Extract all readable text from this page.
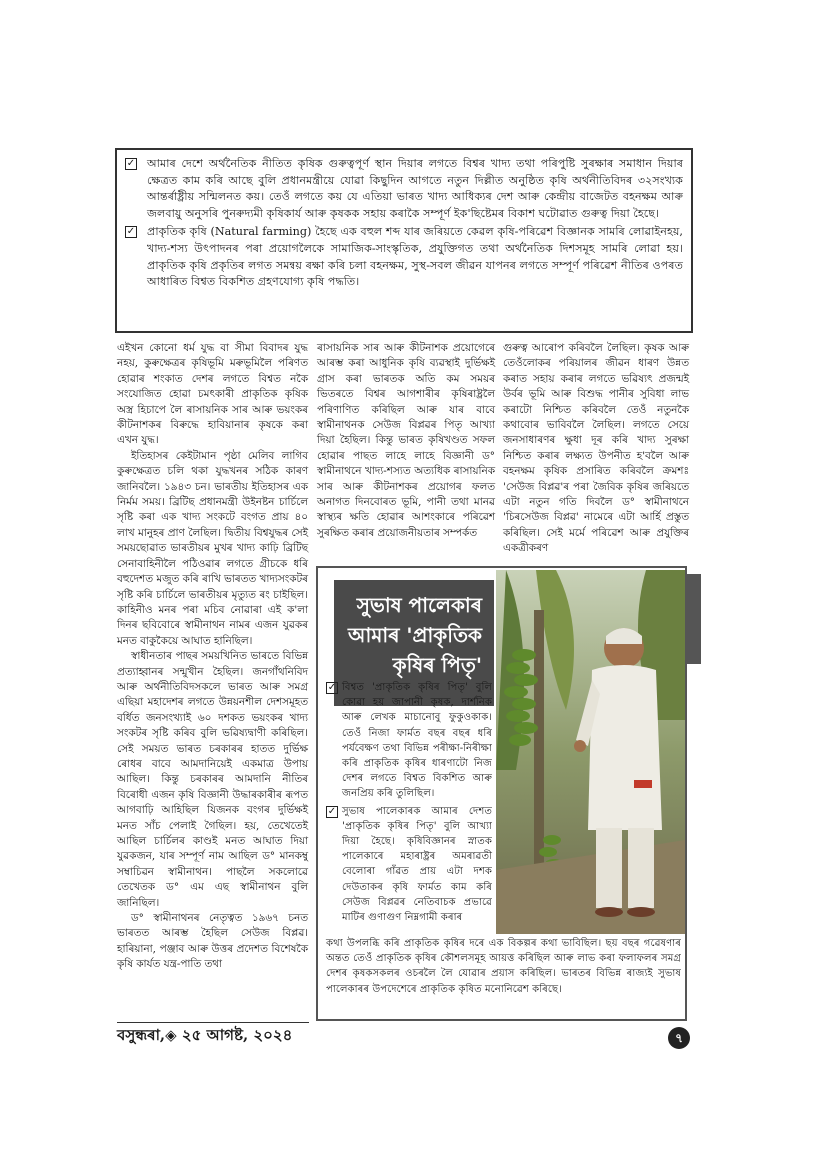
✓ আমাৰ দেশে অৰ্থনৈতিক নীতিত কৃষিক গুৰুত্বপূৰ্ণ স্থান দিয়াৰ লগতে বিশ্বৰ খাদ্য তথা পৰিপুষ্টি সুৰক্ষাৰ সমাধান দিয়াৰ ক্ষেত্ৰত কাম কৰি আছে বুলি প্ৰধানমন্ত্ৰীয়ে যোৱা কিছুদিন আগতে নতুন দিল্লীত অনুষ্ঠিত কৃষি অৰ্থনীতিবিদৰ ৩২সংখ্যক আন্তৰ্ৰাষ্ট্ৰীয় সন্মিলনত কয়। তেওঁ লগতে কয় যে এতিয়া ভাৰত খাদ্য আধিক্যৰ দেশ আৰু কেন্দ্ৰীয় বাজেটত বহনক্ষম আৰু জলবায়ু অনুসৰি পুনৰুদ্যমী কৃষিকাৰ্য আৰু কৃষকক সহায় কৰাকৈ সম্পূৰ্ণ ইক'ছিষ্টেমৰ বিকাশ ঘটোৱাত গুৰুত্ব দিয়া হৈছে।
✓ প্ৰাকৃতিক কৃষি (Natural farming) হৈছে এক বহুল শব্দ যাৰ জৰিয়তে কেৱল কৃষি-পৰিৱেশ বিজ্ঞানক সামৰি লোৱাইনহয়, খাদ্য-শস্য উৎপাদনৰ পৰা প্ৰয়োগলৈকে সামাজিক-সাংস্কৃতিক, প্ৰযুক্তিগত তথা অৰ্থনৈতিক দিশসমূহ সামৰি লোৱা হয়। প্ৰাকৃতিক কৃষি প্ৰকৃতিৰ লগত সমন্বয় ৰক্ষা কৰি চলা বহনক্ষম, সুস্থ-সবল জীৱন যাপনৰ লগতে সম্পূৰ্ণ পৰিৱেশ নীতিৰ ওপৰত আধাৰিত বিশ্বত বিকশিত গ্ৰহণযোগ্য কৃষি পদ্ধতি।

এইখন কোনো ধৰ্ম যুদ্ধ বা সীমা বিবাদৰ যুদ্ধ নহয়, কুৰুক্ষেত্ৰৰ কৃষিভূমি মৰুভূমিলৈ পৰিণত হোৱাৰ শংকাত দেশৰ লগতে বিশ্বত নকৈ সংযোজিত হোৱা চমৎকাৰী প্ৰাকৃতিক কৃষিক অস্ত্ৰ হিচাপে লৈ ৰাসায়নিক সাৰ আৰু ভয়ংকৰ কীটনাশকৰ বিৰুদ্ধে হাবিয়ানাৰ কৃষকে কৰা এখন যুদ্ধ।

ইতিহাসৰ কেইটামান পৃষ্ঠা মেলিব লাগিব কুৰুক্ষেত্ৰত চলি থকা যুদ্ধখনৰ সঠিক কাৰণ জানিবলৈ। ১৯৪৩ চন। ভাৰতীয় ইতিহাসৰ এক নিৰ্মম সময়। ব্ৰিটিছ প্ৰধানমন্ত্ৰী উইনষ্টন চাৰ্চিলে সৃষ্টি কৰা এক খাদ্য সংকটে বংগত প্ৰায় ৪০ লাখ মানুহৰ প্ৰাণ লৈছিল। দ্বিতীয় বিশ্বযুদ্ধৰ সেই সময়ছোৱাত ভাৰতীয়ৰ মুখৰ খাদ্য কাঢ়ি ব্ৰিটিছ সেনাবাহিনীলৈ পঠিওৱাৰ লগতে গ্ৰীচকে ধৰি বহুদেশত মজুত কৰি ৰাখি ভাৰতত খাদ্যসংকটৰ সৃষ্টি কৰি চাৰ্চিলে ভাৰতীয়ৰ মৃত্যুত ৰং চাইছিল। কাহিনীও মনৰ পৰা মচিব নোৱাৰা এই ক'লা দিনৰ ছবিবোৰে স্বামীনাথন নামৰ এজন যুৱকৰ মনত বাকুকৈয়ে আঘাত হানিছিল।

স্বাধীনতাৰ পাছৰ সময়খিনিত ভাৰতে বিভিন্ন প্ৰত্যাহ্বানৰ সন্মুখীন হৈছিল। জনগাঁথনিবিদ আৰু অৰ্থনীতিবিদসকলে ভাৰত আৰু সমগ্ৰ এছিয়া মহাদেশৰ লগতে উন্নয়নশীল দেশসমূহত বৰ্ধিত জনসংখ্যাই ৬০ দশকত ভয়ংকৰ খাদ্য সংকটৰ সৃষ্টি কৰিব বুলি ভৱিষ্যদ্বাণী কৰিছিল। সেই সময়ত ভাৰত চৰকাৰৰ হাতত দুৰ্ভিক্ষ ৰোধৰ বাবে আমদানিয়েই একমাত্ৰ উপায় আছিল। কিন্তু চৰকাৰৰ আমদানি নীতিৰ বিৰোধী এজন কৃষি বিজ্ঞানী উদ্ধাৰকাৰীৰ ৰূপত আগবাঢ়ি আহিছিল যিজনক বংগৰ দুৰ্ভিক্ষই মনত সাঁচ পেলাই গৈছিল। হয়, তেখেতেই আছিল চাৰ্চিলৰ কাণ্ডই মনত আঘাত দিয়া যুৱকজন, যাৰ সম্পূৰ্ণ নাম আছিল ড° মানকম্বু সম্বাচিৱন স্বামীনাথন। পাছলৈ সকলোৱে তেখেতক ড° এম এছ স্বামীনাথন বুলি জানিছিল।

ড° স্বামীনাথনৰ নেতৃত্বত ১৯৬৭ চনত ভাৰতত আৰম্ভ হৈছিল সেউজ বিপ্লৱ। হাৰিয়ানা, পঞ্জাব আৰু উত্তৰ প্ৰদেশত বিশেষকৈ কৃষি কাৰ্যত যন্ত্ৰ-পাতি তথা

ৰাসায়নিক সাৰ আৰু কীটনাশক প্ৰয়োগেৰে আৰম্ভ কৰা আধুনিক কৃষি ব্যৱস্থাই দুৰ্ভিক্ষই গ্ৰাস কৰা ভাৰতক অতি কম সময়ৰ ভিতৰতে বিশ্বৰ আগশাৰীৰ কৃষিৰাষ্ট্ৰলৈ পৰিণাণিত কৰিছিল আৰু যাৰ বাবে স্বামীনাথনক সেউজ বিপ্লৱৰ পিতৃ আখ্যা দিয়া হৈছিল। কিন্তু ভাৰত কৃষিখণ্ডত সফল হোৱাৰ পাছত লাহে লাহে বিজ্ঞানী ড° স্বামীনাথনে খাদ্য-শস্যত অত্যধিক ৰাসায়নিক সাৰ আৰু কীটনাশকৰ প্ৰয়োগৰ ফলত অনাগত দিনবোৰত ভূমি, পানী তথা মানৱ স্বাস্থ্যৰ ক্ষতি হোৱাৰ আশংকাৰে পৰিৱেশ সুৰক্ষিত কৰাৰ প্ৰয়োজনীয়তাৰ সম্পৰ্কত

গুৰুত্ব আৰোপ কৰিবলৈ লৈছিল। কৃষক আৰু তেওঁলোকৰ পৰিয়ালৰ জীৱন ধাৰণ উন্নত কৰাত সহায় কৰাৰ লগতে ভৱিষ্যৎ প্ৰজন্মই উৰ্বৰ ভূমি আৰু বিশুদ্ধ পানীৰ সুবিধা লাভ কৰাটো নিশ্চিত কৰিবলৈ তেওঁ নতুনকৈ কথাবোৰ ভাবিবলৈ লৈছিল। লগতে সেয়ে জনসাধাৰণৰ ক্ষুধা দূৰ কৰি খাদ্য সুৰক্ষা নিশ্চিত কৰাৰ লক্ষ্যত উপনীত হ'বলৈ আৰু বহনক্ষম কৃষিক প্ৰসাৰিত কৰিবলৈ ক্ৰমশঃ 'সেউজ বিপ্লৱ'ৰ পৰা জৈবিক কৃষিৰ জৰিয়তে এটা নতুন গতি দিবলৈ ড° স্বামীনাথনে 'চিৰসেউজ বিপ্লৱ' নামেৰে এটা আৰ্হি প্ৰস্তুত কৰিছিল। সেই মৰ্মে পৰিৱেশ আৰু প্ৰযুক্তিৰ একত্ৰীকৰণ

সুভাষ পালেকাৰ
আমাৰ 'প্ৰাকৃতিক
কৃষিৰ পিতৃ'
✓ বিশ্বত 'প্ৰাকৃতিক কৃষিৰ পিতৃ' বুলি কোৱা হয় জাপানী কৃষক, দাৰ্শনিক আৰু লেখক মাচানোবু ফুকুওকাক। তেওঁ নিজা ফাৰ্মত বছৰ বছৰ ধৰি পৰ্যবেক্ষণ তথা বিভিন্ন পৰীক্ষা-নিৰীক্ষা কৰি প্ৰাকৃতিক কৃষিৰ ধাৰণাটো নিজ দেশৰ লগতে বিশ্বত বিকশিত আৰু জনপ্ৰিয় কৰি তুলিছিল।
✓ সুভাষ পালেকাৰক আমাৰ দেশত 'প্ৰাকৃতিক কৃষিৰ পিতৃ' বুলি আখ্যা দিয়া হৈছে। কৃষিবিজ্ঞানৰ স্নাতক পালেকাৰে মহাৰাষ্ট্ৰৰ অমৰাৱতী বেলোৰা গাঁৱত প্ৰায় এটা দশক দেউতাকৰ কৃষি ফাৰ্মত কাম কৰি সেউজ বিপ্লৱৰ নেতিবাচক প্ৰভাৱে মাটিৰ গুণাগুণ নিম্নগামী কৰাৰ
কথা উপলব্ধি কৰি প্ৰাকৃতিক কৃষিৰ দৰে এক বিকল্পৰ কথা ভাবিছিল। ছয় বছৰ গৱেষণাৰ অন্তত তেওঁ প্ৰাকৃতিক কৃষিৰ কৌশলসমূহ আয়ত্ত কৰিছিল আৰু লাভ কৰা ফলাফলৰ সমগ্ৰ দেশৰ কৃষকসকলৰ ওচৰলৈ লৈ যোৱাৰ প্ৰয়াস কৰিছিল। ভাৰতৰ বিভিন্ন ৰাজ্যই সুভাষ পালেকাৰৰ উপদেশেৰে প্ৰাকৃতিক কৃষিত মনোনিৱেশ কৰিছে।
বসুন্ধৰা,◈ ২৫ আগষ্ট, ২০২৪	৭
